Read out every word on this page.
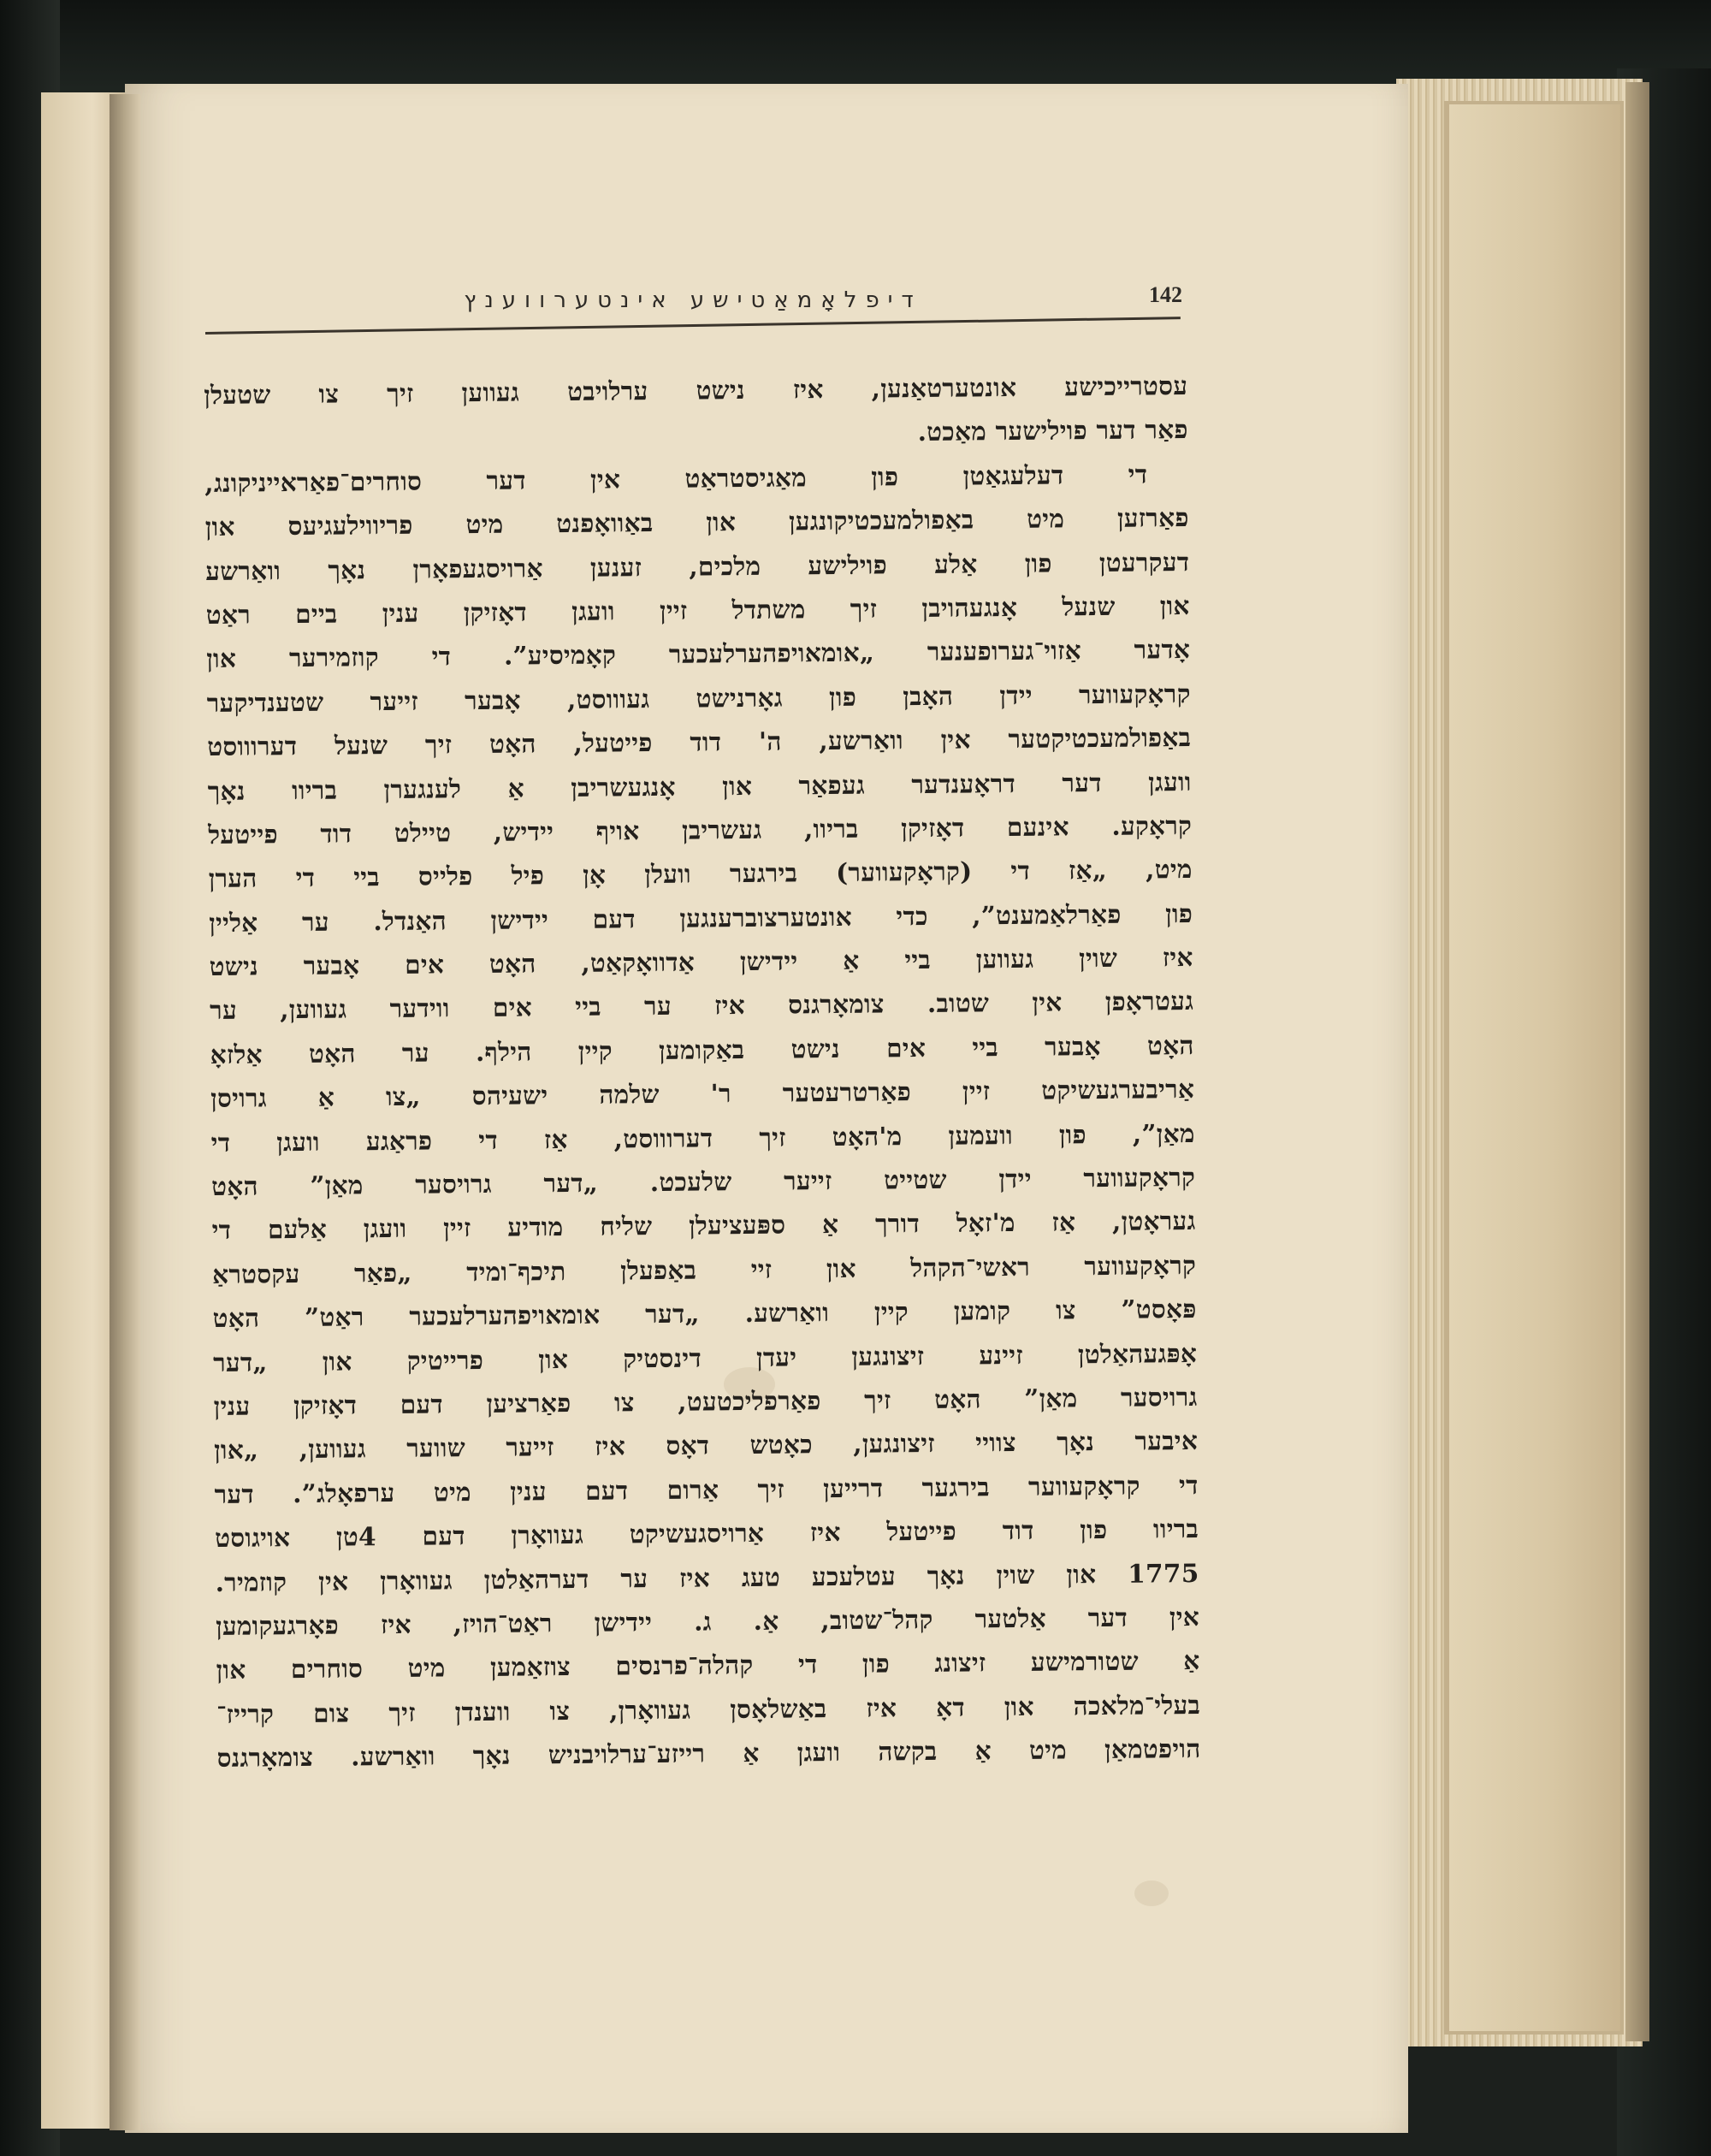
דיפלאָמאַטישע אינטערווענץ	142
עסטרייכישע אונטערטאַנען, איז נישט ערלויבט געווען זיך צו שטעלן
פאַר דער פוילישער מאַכט.
די דעלעגאַטן פון מאַגיסטראַט אין דער סוחרים־פאַראייניקונג,
פאַרזען מיט באַפולמעכטיקונגען און באַוואָפנט מיט פריווילעגיעס און
דעקרעטן פון אַלע פוילישע מלכים, זענען אַרויסגעפאָרן נאָך וואַרשע
און שנעל אָנגעהויבן זיך משתדל זיין וועגן דאָזיקן ענין ביים ראַט
אָדער אַזוי־גערופענער „אומאויפהערלעכער קאָמיסיע”. די קוזמירער און
קראָקעווער יידן האָבן פון גאָרנישט געוווסט, אָבער זייער שטענדיקער
באַפולמעכטיקטער אין וואַרשע, ה' דוד פייטעל, האָט זיך שנעל דערוווסט
וועגן דער דראָענדער געפאַר און אָנגעשריבן אַ לענגערן בריוו נאָך
קראָקע. אינעם דאָזיקן בריוו, געשריבן אויף יידיש, טיילט דוד פייטעל
מיט, „אַז די (קראָקעווער) בירגער וועלן אָן פיל פלייס ביי די הערן
פון פאַרלאַמענט”, כדי אונטערצוברענגען דעם יידישן האַנדל. ער אַליין
איז שוין געווען ביי אַ יידישן אַדוואָקאַט, האָט אים אָבער נישט
געטראָפן אין שטוב. צומאָרגנס איז ער ביי אים ווידער געווען, ער
האָט אָבער ביי אים נישט באַקומען קיין הילף. ער האָט אַלזאָ
אַריבערגעשיקט זיין פאַרטרעטער ר' שלמה ישעיהס „צו אַ גרויסן
מאַן”, פון וועמען מ'האָט זיך דערוווסט, אַז די פראַגע וועגן די
קראָקעווער יידן שטייט זייער שלעכט. „דער גרויסער מאַן” האָט
געראָטן, אַז מ'זאָל דורך אַ ספּעציעלן שליח מודיע זיין וועגן אַלעם די
קראָקעווער ראשי־הקהל און זיי באַפעלן תיכף־ומיד „פאַר עקסטראַ
פּאָסט” צו קומען קיין וואַרשע. „דער אומאויפהערלעכער ראַט” האָט
אָפּגעהאַלטן זיינע זיצונגען יעדן דינסטיק און פרייטיק און „דער
גרויסער מאַן” האָט זיך פאַרפליכטעט, צו פאַרציען דעם דאָזיקן ענין
איבער נאָך צוויי זיצונגען, כאָטש דאָס איז זייער שווער געווען, „און
די קראָקעווער בירגער דרייען זיך אַרום דעם ענין מיט ערפאָלג”. דער
בריוו פון דוד פייטעל איז אַרויסגעשיקט געוואָרן דעם 4טן אויגוסט
1775 און שוין נאָך עטלעכע טעג איז ער דערהאַלטן געוואָרן אין קוזמיר.
אין דער אַלטער קהל־שטוב, אַ. ג. יידישן ראַט־הויז, איז פאָרגעקומען
אַ שטורמישע זיצונג פון די קהלה־פרנסים צוזאַמען מיט סוחרים און
בעלי־מלאכה און דאָ איז באַשלאָסן געוואָרן, צו ווענדן זיך צום קרייז־
הויפטמאַן מיט אַ בקשה וועגן אַ רייזע־ערלויבניש נאָך וואַרשע. צומאָרגנס
